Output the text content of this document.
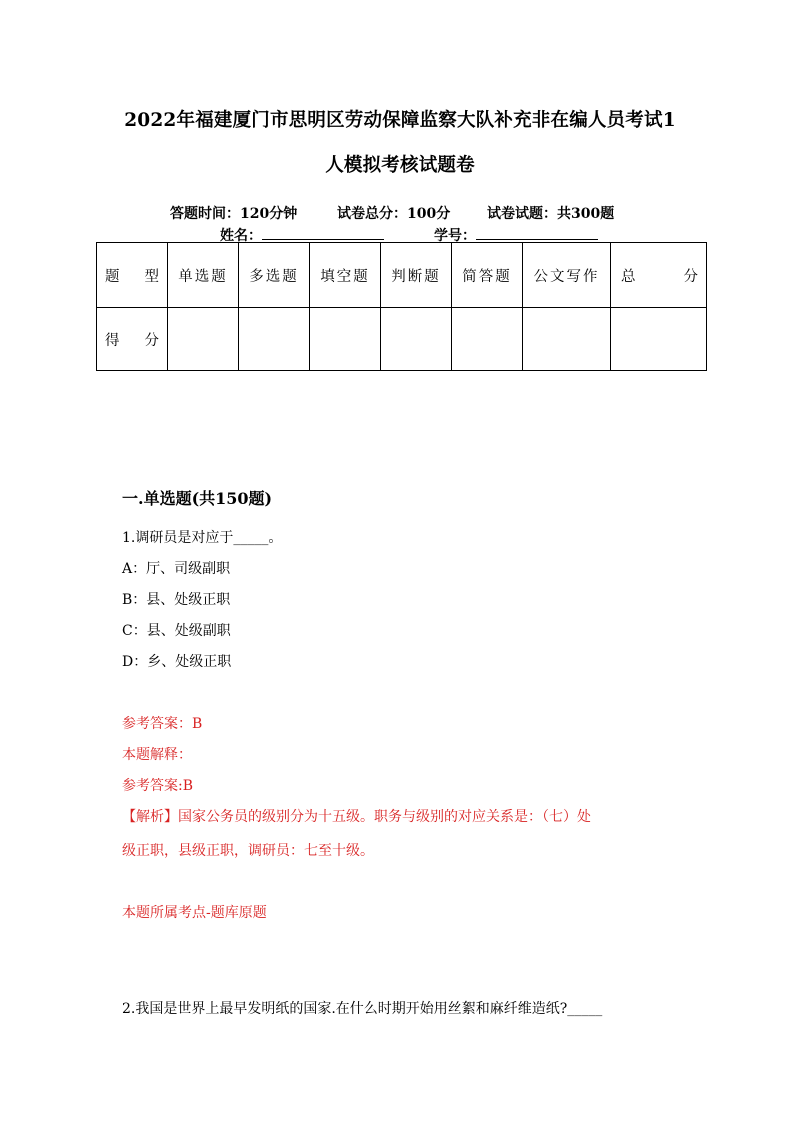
2022年福建厦门市思明区劳动保障监察大队补充非在编人员考试1
人模拟考核试题卷
答题时间：120分钟	试卷总分：100分	试卷试题：共300题
姓名：	学号：
题 型	单选题	多选题	填空题	判断题	简答题	公文写作	总 分

得 分							

一.单选题(共150题)
1.调研员是对应于_____。
A：厅、司级副职
B：县、处级正职
C：县、处级副职
D：乡、处级正职
参考答案：B
本题解释：
参考答案:B
【解析】国家公务员的级别分为十五级。职务与级别的对应关系是：（七）处
级正职，县级正职，调研员：七至十级。
本题所属考点-题库原题
2.我国是世界上最早发明纸的国家.在什么时期开始用丝絮和麻纤维造纸?_____
